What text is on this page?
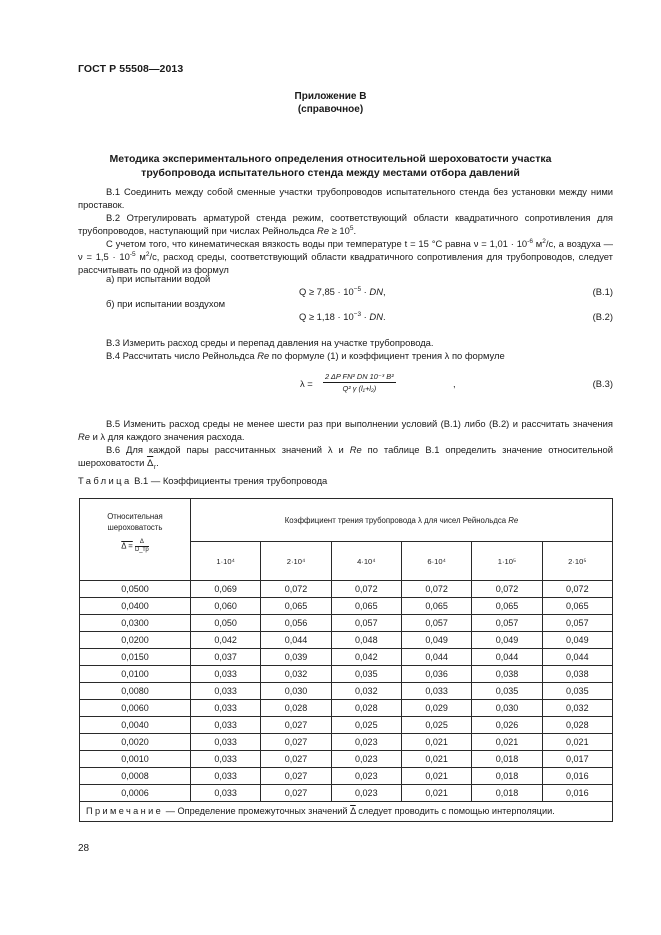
ГОСТ Р 55508—2013
Приложение В
(справочное)
Методика экспериментального определения относительной шероховатости участка
трубопровода испытательного стенда между местами отбора давлений
В.1 Соединить между собой сменные участки трубопроводов испытательного стенда без установки между ними проставок.
В.2 Отрегулировать арматурой стенда режим, соответствующий области квадратичного сопротивления для трубопроводов, наступающий при числах Рейнольдса $Re \ge 10^5$.
С учетом того, что кинематическая вязкость воды при температуре t = 15 °С равна $\nu = 1,01 \cdot 10^{-6}$ $м^2/с$, а воздуха — $\nu = 1,5 \cdot 10^{-5}$ $м^2/с$, расход среды, соответствующий области квадратичного сопротивления для трубопроводов, следует рассчитывать по одной из формул
а) при испытании водой
$Q \ge 7,85 \cdot 10^{-5}$ · DN,	(В.1)
б) при испытании воздухом
$Q \ge 1,18 \cdot 10^{-3}$ · DN.	(В.2)
В.3 Измерить расход среды и перепад давления на участке трубопровода.
В.4 Рассчитать число Рейнольдса Re по формуле (1) и коэффициент трения λ по формуле
$\lambda = \frac{\text{2 ΔP FN² DN 10⁻³ B²}}{\text{Q² γ (l₁+l₂)}}$	,	(В.3)
В.5 Изменить расход среды не менее шести раз при выполнении условий (В.1) либо (В.2) и рассчитать значения Re и λ для каждого значения расхода.
В.6 Для каждой пары рассчитанных значений λ и Re по таблице В.1 определить значение относительной шероховатости $\overline{\Delta}_т$.
Таблица В.1 — Коэффициенты трения трубопровода
Относительная
шероховатость
Δ = Δ
D_тр	Коэффициент трения трубопровода λ для чисел Рейнольдса Re					
	1·10⁴	2·10⁴	4·10⁴	6·10⁴	1·10⁵	2·10⁵
0,0500	0,069	0,072	0,072	0,072	0,072	0,072
0,0400	0,060	0,065	0,065	0,065	0,065	0,065
0,0300	0,050	0,056	0,057	0,057	0,057	0,057
0,0200	0,042	0,044	0,048	0,049	0,049	0,049
0,0150	0,037	0,039	0,042	0,044	0,044	0,044
0,0100	0,033	0,032	0,035	0,036	0,038	0,038
0,0080	0,033	0,030	0,032	0,033	0,035	0,035
0,0060	0,033	0,028	0,028	0,029	0,030	0,032
0,0040	0,033	0,027	0,025	0,025	0,026	0,028
0,0020	0,033	0,027	0,023	0,021	0,021	0,021
0,0010	0,033	0,027	0,023	0,021	0,018	0,017
0,0008	0,033	0,027	0,023	0,021	0,018	0,016
0,0006	0,033	0,027	0,023	0,021	0,018	0,016
Примечание — Определение промежуточных значений $\overline{\Delta}$ следует проводить с помощью интерполяции.						
28
